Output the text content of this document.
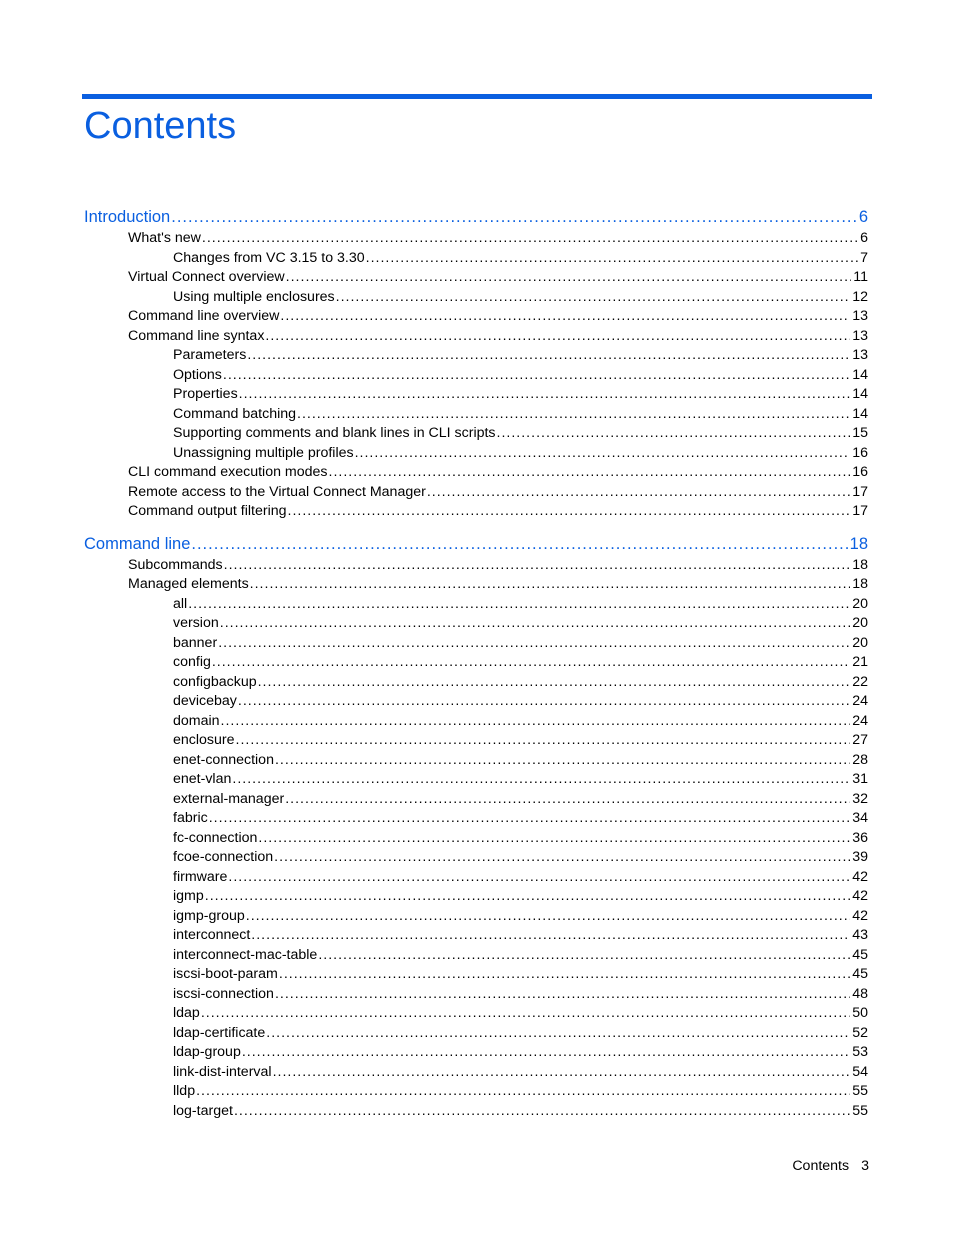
Contents
Introduction .....	6
What's new .....	6
Changes from VC 3.15 to 3.30 .....	7
Virtual Connect overview .....	11
Using multiple enclosures .....	12
Command line overview .....	13
Command line syntax .....	13
Parameters .....	13
Options .....	14
Properties .....	14
Command batching .....	14
Supporting comments and blank lines in CLI scripts .....	15
Unassigning multiple profiles .....	16
CLI command execution modes .....	16
Remote access to the Virtual Connect Manager .....	17
Command output filtering .....	17
Command line .....	18
Subcommands .....	18
Managed elements .....	18
all .....	20
version .....	20
banner .....	20
config .....	21
configbackup .....	22
devicebay .....	24
domain .....	24
enclosure .....	27
enet-connection .....	28
enet-vlan .....	31
external-manager .....	32
fabric .....	34
fc-connection .....	36
fcoe-connection .....	39
firmware .....	42
igmp .....	42
igmp-group .....	42
interconnect .....	43
interconnect-mac-table .....	45
iscsi-boot-param .....	45
iscsi-connection .....	48
ldap .....	50
ldap-certificate .....	52
ldap-group .....	53
link-dist-interval .....	54
lldp .....	55
log-target .....	55
Contents 3
